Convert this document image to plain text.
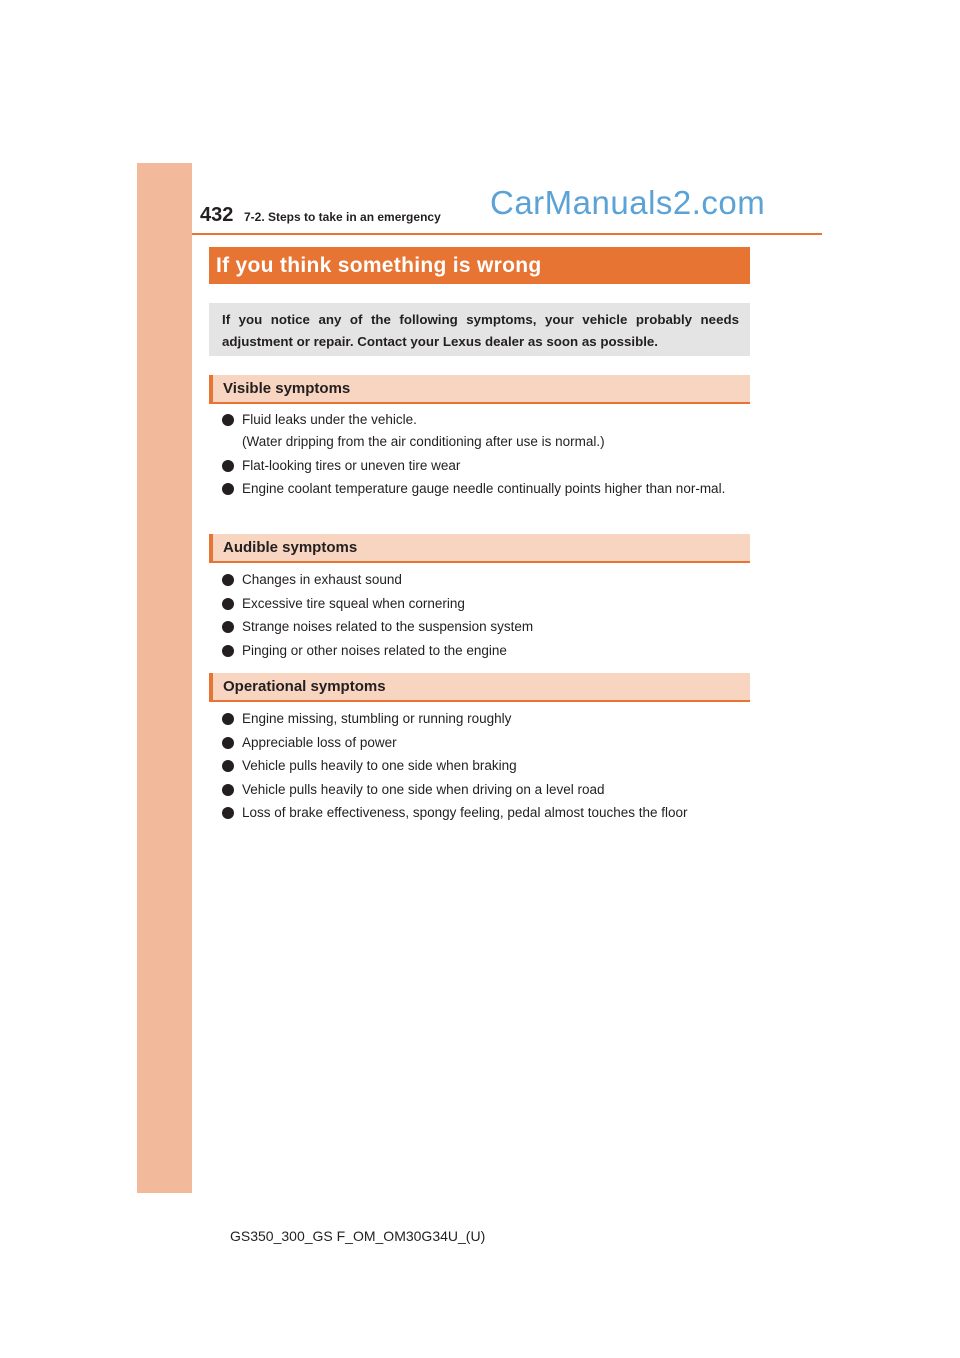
432 7-2. Steps to take in an emergency CarManuals2.com
If you think something is wrong
If you notice any of the following symptoms, your vehicle probably needs adjustment or repair. Contact your Lexus dealer as soon as possible.
Visible symptoms
Fluid leaks under the vehicle.
(Water dripping from the air conditioning after use is normal.)
Flat-looking tires or uneven tire wear
Engine coolant temperature gauge needle continually points higher than nor-mal.
Audible symptoms
Changes in exhaust sound
Excessive tire squeal when cornering
Strange noises related to the suspension system
Pinging or other noises related to the engine
Operational symptoms
Engine missing, stumbling or running roughly
Appreciable loss of power
Vehicle pulls heavily to one side when braking
Vehicle pulls heavily to one side when driving on a level road
Loss of brake effectiveness, spongy feeling, pedal almost touches the floor
GS350_300_GS F_OM_OM30G34U_(U)
